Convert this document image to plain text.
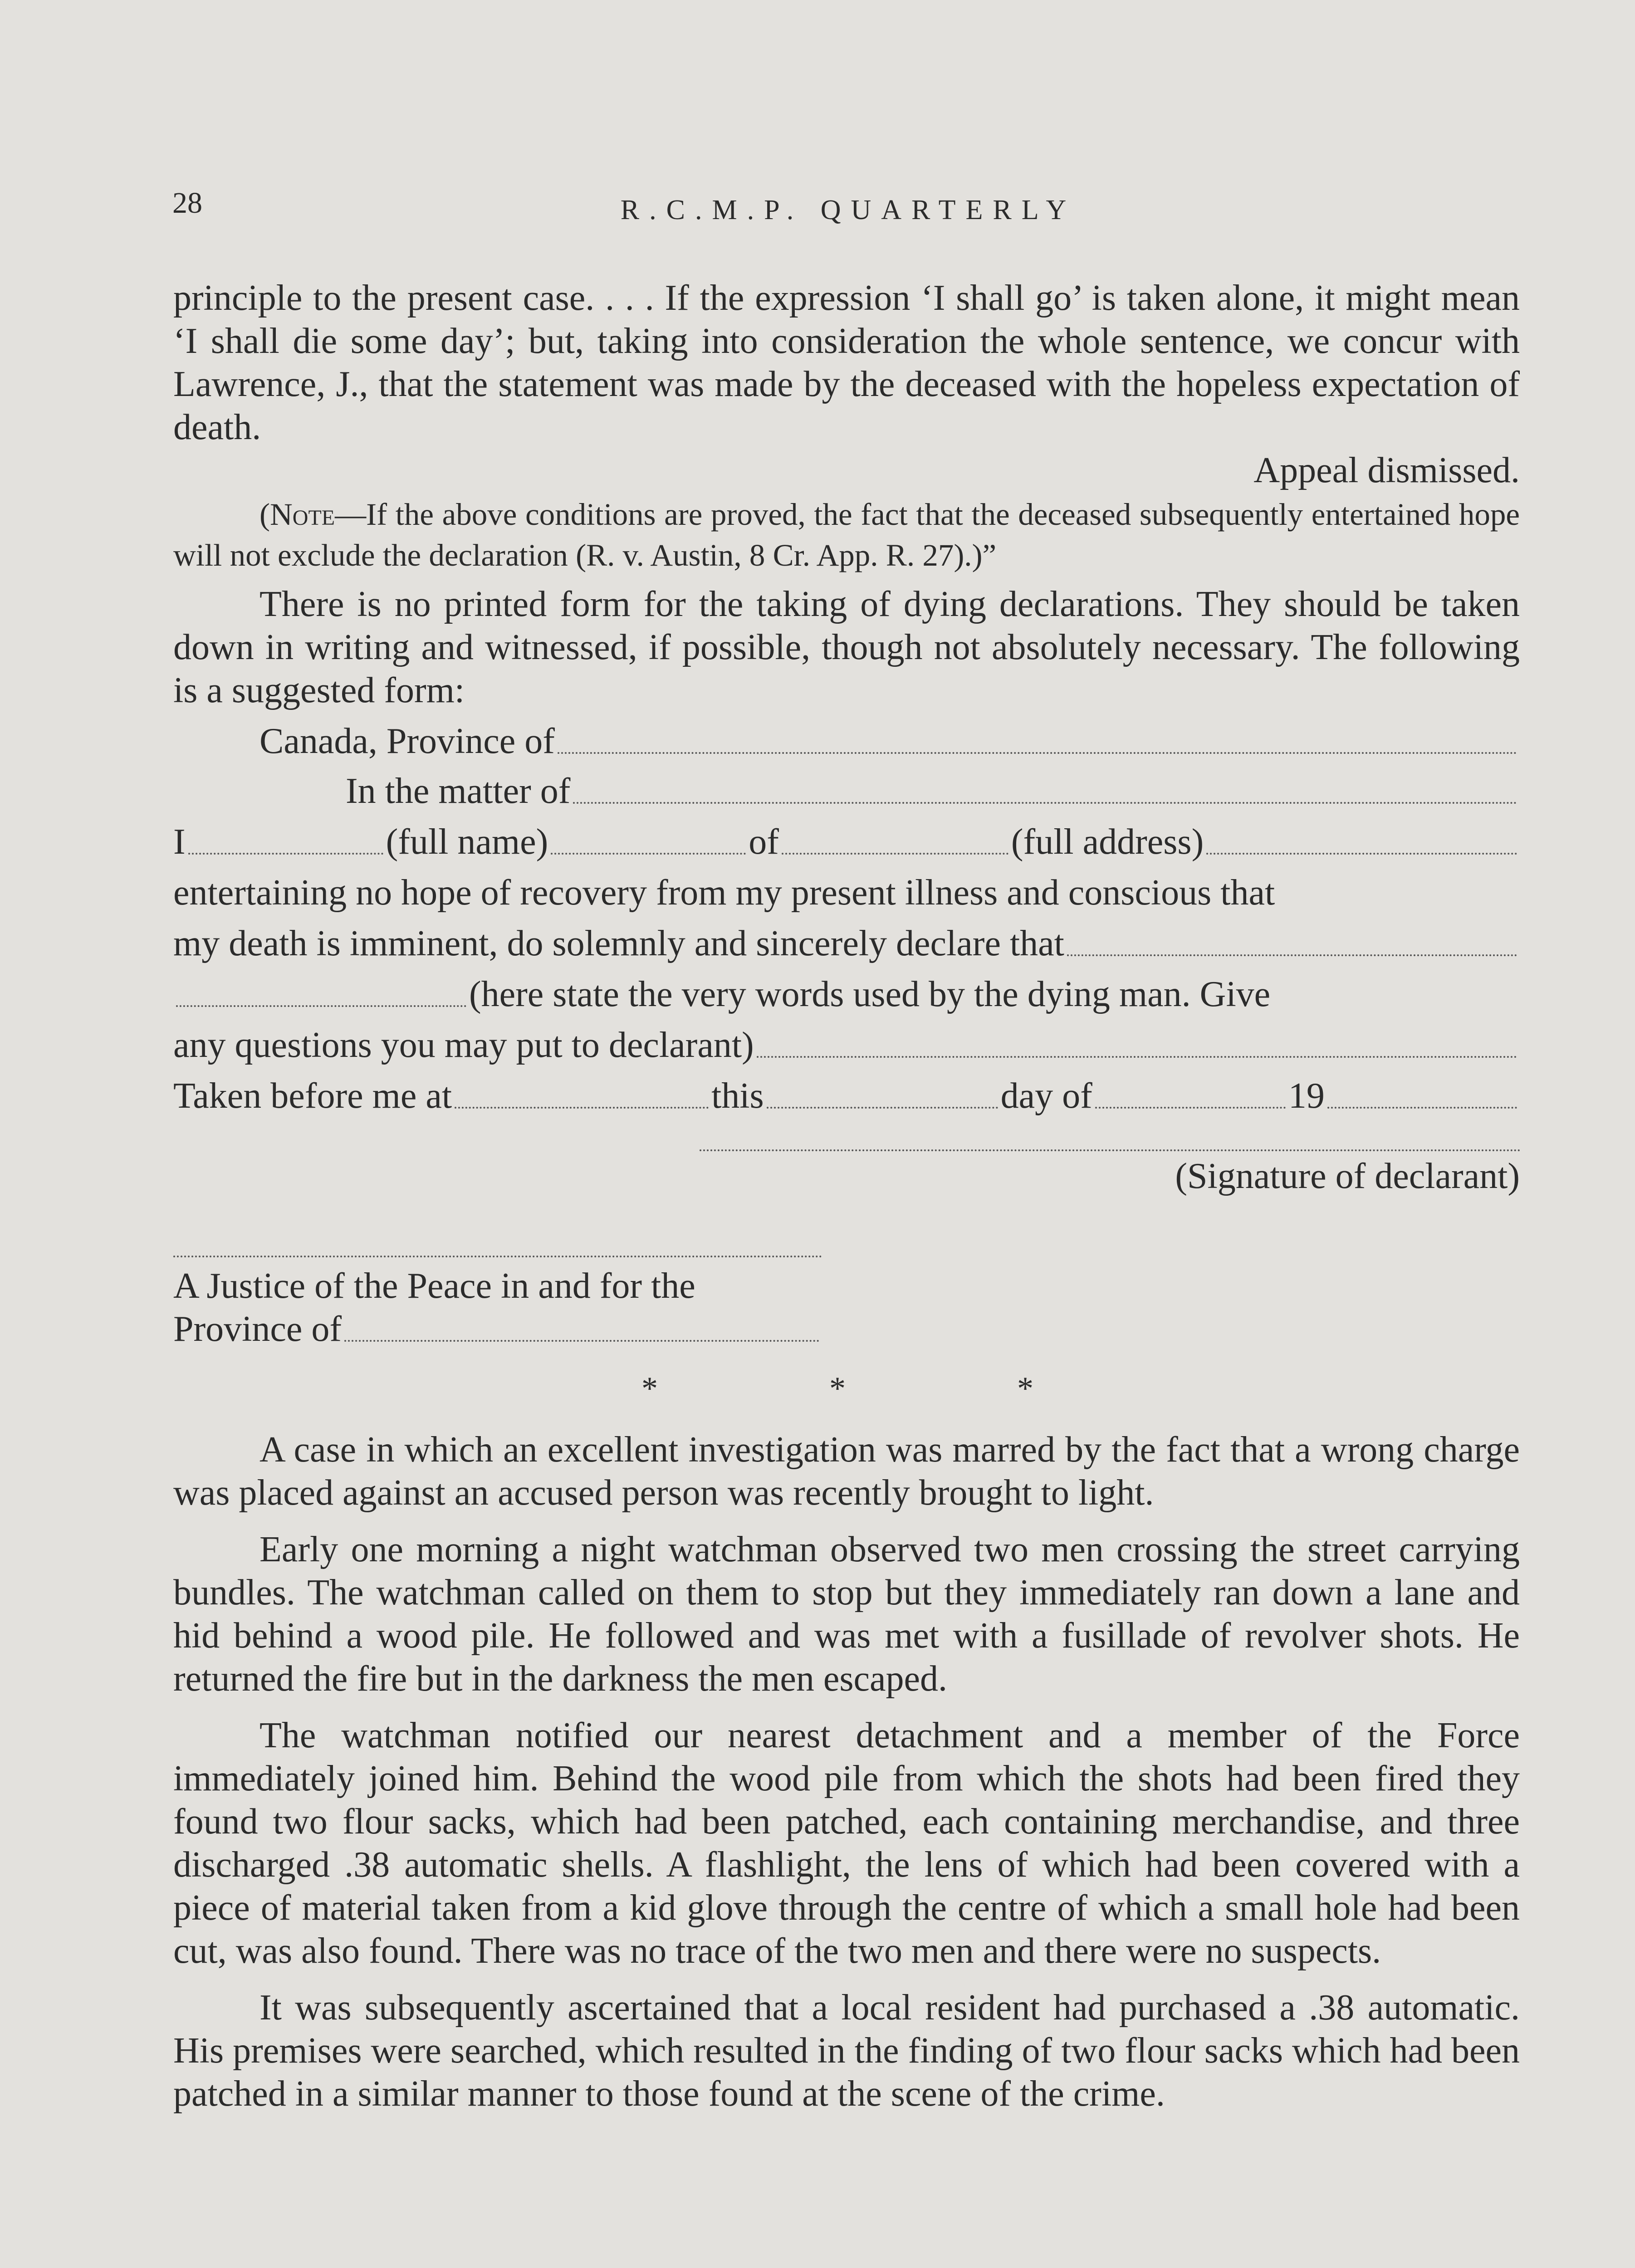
28	R.C.M.P. QUARTERLY

principle to the present case. . . . If the expression ‘I shall go’ is taken alone, it might mean ‘I shall die some day’; but, taking into consideration the whole sentence, we concur with Lawrence, J., that the statement was made by the deceased with the hopeless expectation of death.

Appeal dismissed.

(Note—If the above conditions are proved, the fact that the deceased subsequently entertained hope will not exclude the declaration (R. v. Austin, 8 Cr. App. R. 27).)”

There is no printed form for the taking of dying declarations. They should be taken down in writing and witnessed, if possible, though not absolutely necessary. The following is a suggested form:

Canada, Province of
In the matter of
I	(full name)	of	(full address)
entertaining no hope of recovery from my present illness and conscious that
my death is imminent, do solemnly and sincerely declare that
(here state the very words used by the dying man. Give
any questions you may put to declarant)
Taken before me at	this	day of	19
(Signature of declarant)
A Justice of the Peace in and for the
Province of
* * *

A case in which an excellent investigation was marred by the fact that a wrong charge was placed against an accused person was recently brought to light.

Early one morning a night watchman observed two men crossing the street carrying bundles. The watchman called on them to stop but they immediately ran down a lane and hid behind a wood pile. He followed and was met with a fusillade of revolver shots. He returned the fire but in the darkness the men escaped.

The watchman notified our nearest detachment and a member of the Force immediately joined him. Behind the wood pile from which the shots had been fired they found two flour sacks, which had been patched, each containing merchandise, and three discharged .38 automatic shells. A flashlight, the lens of which had been covered with a piece of material taken from a kid glove through the centre of which a small hole had been cut, was also found. There was no trace of the two men and there were no suspects.

It was subsequently ascertained that a local resident had purchased a .38 automatic. His premises were searched, which resulted in the finding of two flour sacks which had been patched in a similar manner to those found at the scene of the crime.
